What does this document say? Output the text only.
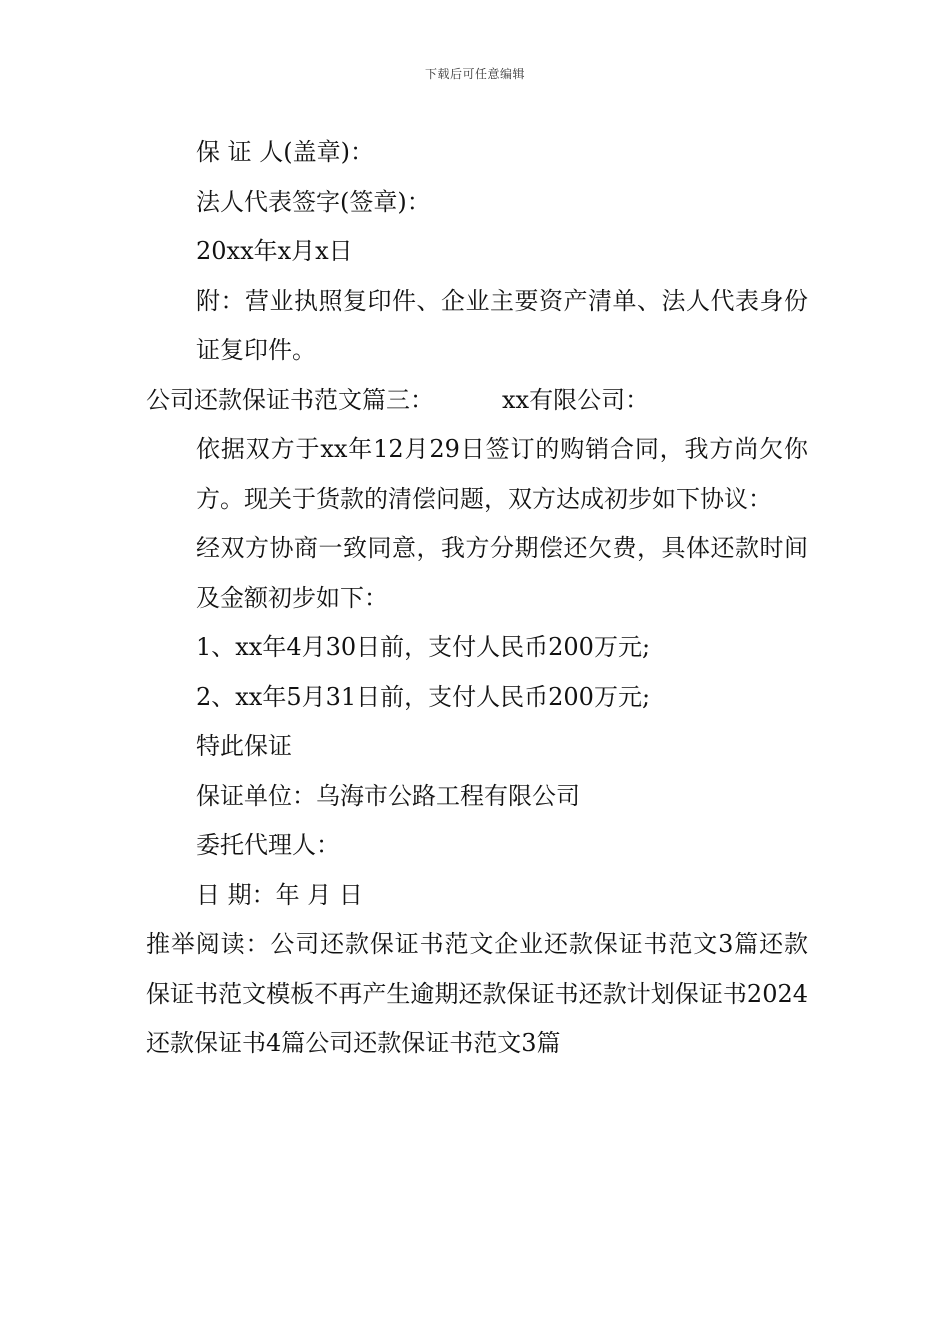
下载后可任意编辑
保 证 人(盖章)：
法人代表签字(签章)：
20xx年x月x日
附：营业执照复印件、企业主要资产清单、法人代表身份证复印件。
公司还款保证书范文篇三：	xx有限公司：
依据双方于xx年12月29日签订的购销合同，我方尚欠你方。现关于货款的清偿问题，双方达成初步如下协议：
经双方协商一致同意，我方分期偿还欠费，具体还款时间及金额初步如下：
1、xx年4月30日前，支付人民币200万元;
2、xx年5月31日前，支付人民币200万元;
特此保证
保证单位：乌海市公路工程有限公司
委托代理人：
日 期：年 月 日
推举阅读：公司还款保证书范文企业还款保证书范文3篇还款保证书范文模板不再产生逾期还款保证书还款计划保证书2024还款保证书4篇公司还款保证书范文3篇
